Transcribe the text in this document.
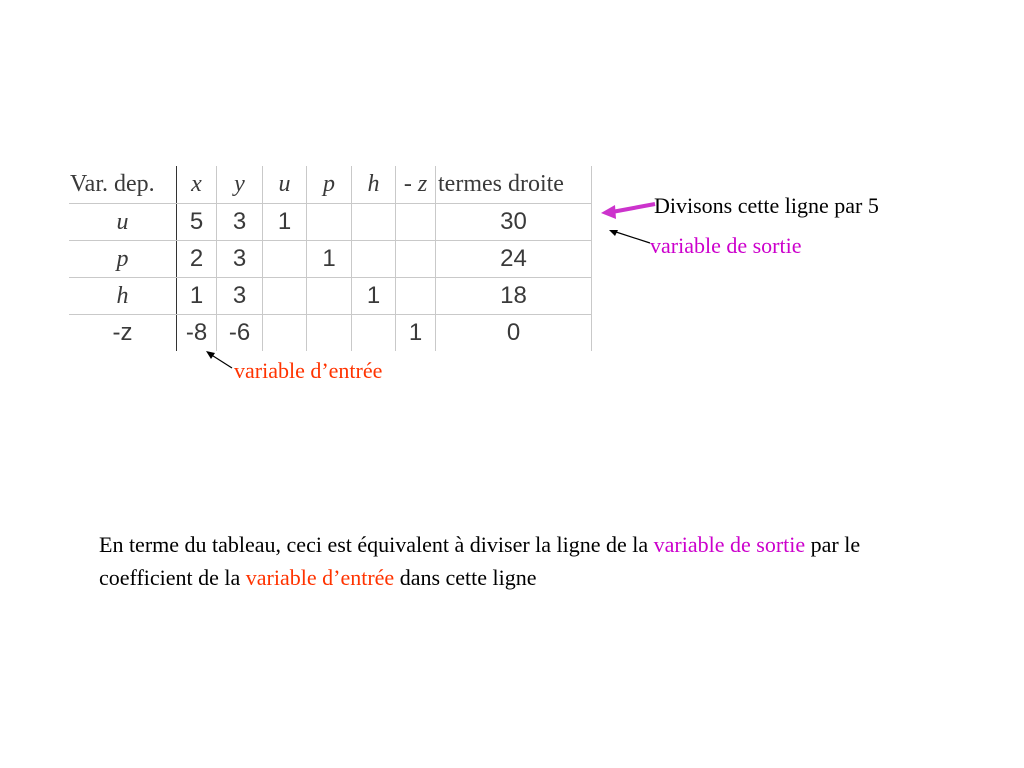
Var. dep.	x	y	u	p	h	- z	termes droite
u	5	3	1				30
p	2	3		1			24
h	1	3			1		18
-z	-8	-6				1	0
Divisons cette ligne par 5
variable de sortie
variable d’entrée
En terme du tableau, ceci est équivalent à diviser la ligne de la variable de sortie par le coefficient de la variable d’entrée dans cette ligne
